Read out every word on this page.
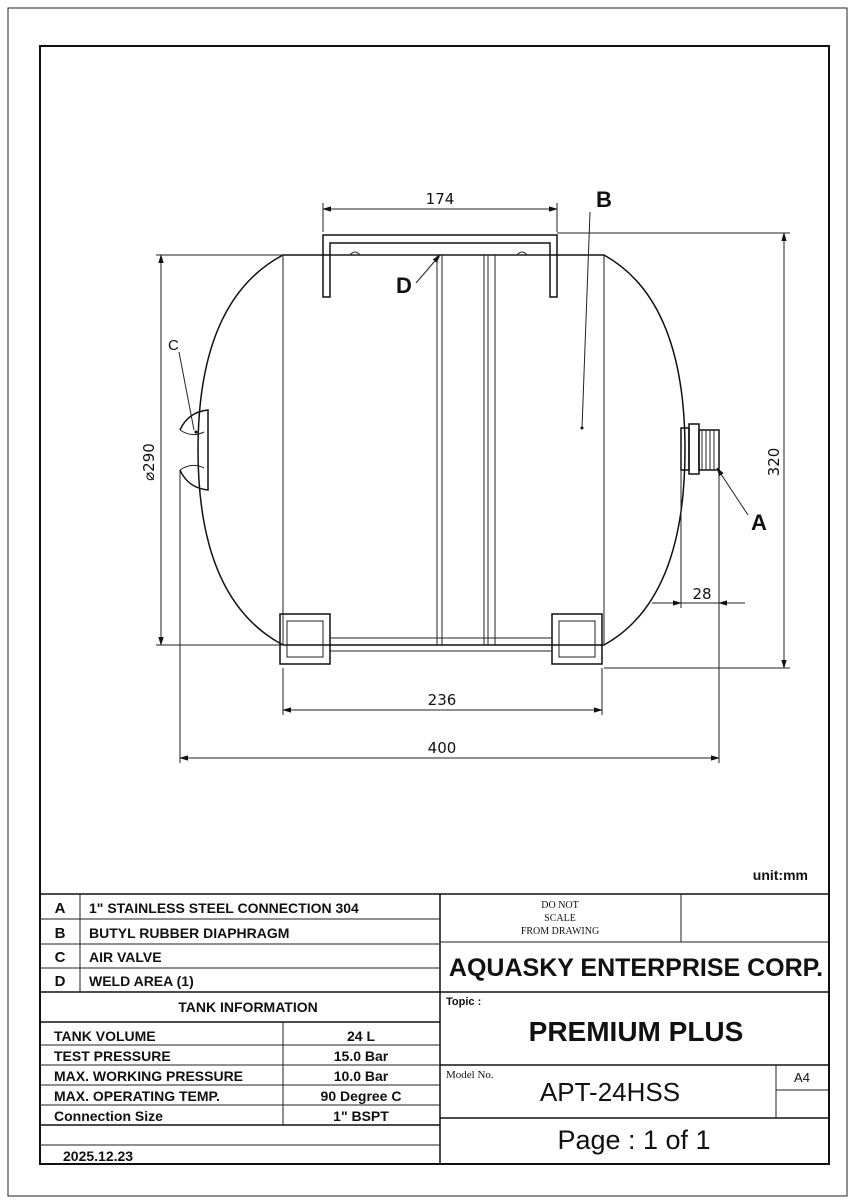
174
320
⌀290
236
400
28
B
D
C
A
unit:mm
A 1" STAINLESS STEEL CONNECTION 304
B BUTYL RUBBER DIAPHRAGM
C AIR VALVE
D WELD AREA (1)
TANK INFORMATION
TANK VOLUME	24 L
TEST PRESSURE	15.0 Bar
MAX. WORKING PRESSURE	10.0 Bar
MAX. OPERATING TEMP.	90 Degree C
Connection Size	1" BSPT
2025.12.23
DO NOT
SCALE
FROM DRAWING
AQUASKY ENTERPRISE CORP.
Topic :
PREMIUM PLUS
Model No.
APT-24HSS	A4
Page : 1 of 1
